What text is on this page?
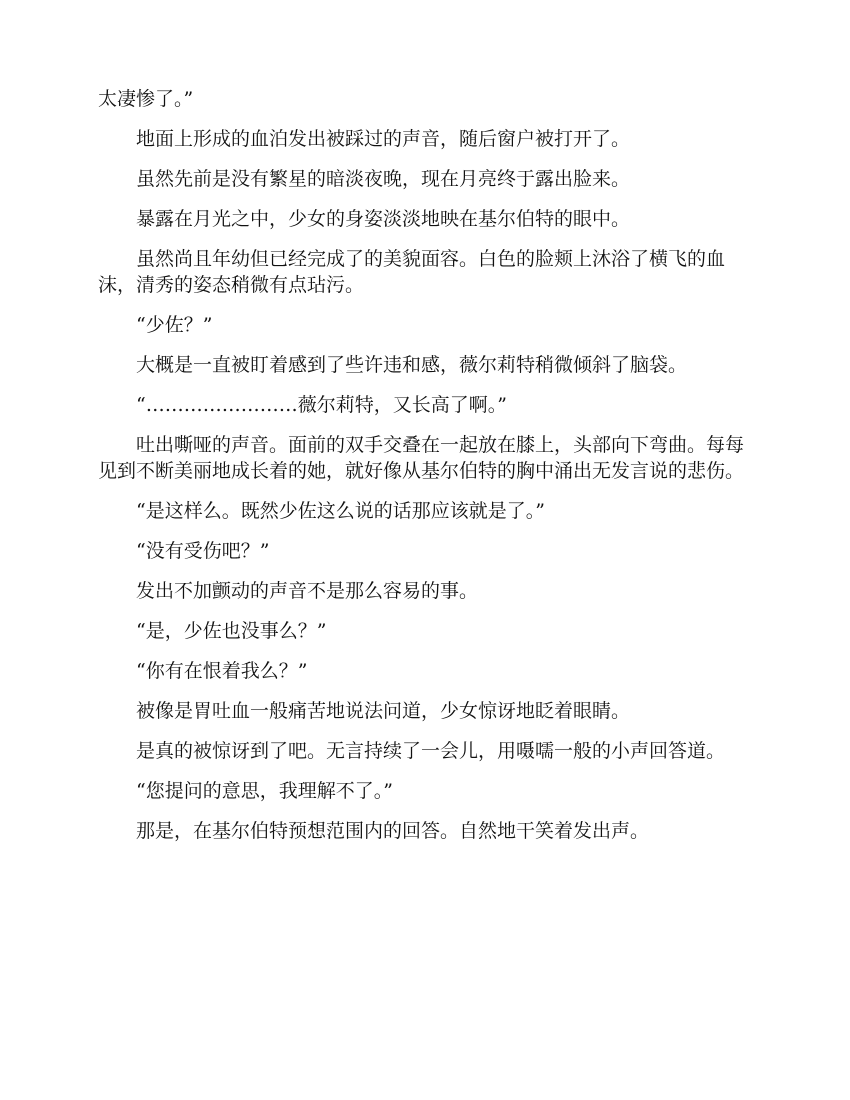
太凄惨了。”

地面上形成的血泊发出被踩过的声音，随后窗户被打开了。

虽然先前是没有繁星的暗淡夜晚，现在月亮终于露出脸来。

暴露在月光之中，少女的身姿淡淡地映在基尔伯特的眼中。

虽然尚且年幼但已经完成了的美貌面容。白色的脸颊上沐浴了横飞的血沫，清秀的姿态稍微有点玷污。

“少佐？”

大概是一直被盯着感到了些许违和感，薇尔莉特稍微倾斜了脑袋。

“……………………薇尔莉特，又长高了啊。”

吐出嘶哑的声音。面前的双手交叠在一起放在膝上，头部向下弯曲。每每见到不断美丽地成长着的她，就好像从基尔伯特的胸中涌出无发言说的悲伤。

“是这样么。既然少佐这么说的话那应该就是了。”

“没有受伤吧？”

发出不加颤动的声音不是那么容易的事。

“是，少佐也没事么？”

“你有在恨着我么？”

被像是胃吐血一般痛苦地说法问道，少女惊讶地眨着眼睛。

是真的被惊讶到了吧。无言持续了一会儿，用嗫嚅一般的小声回答道。

“您提问的意思，我理解不了。”

那是，在基尔伯特预想范围内的回答。自然地干笑着发出声。
